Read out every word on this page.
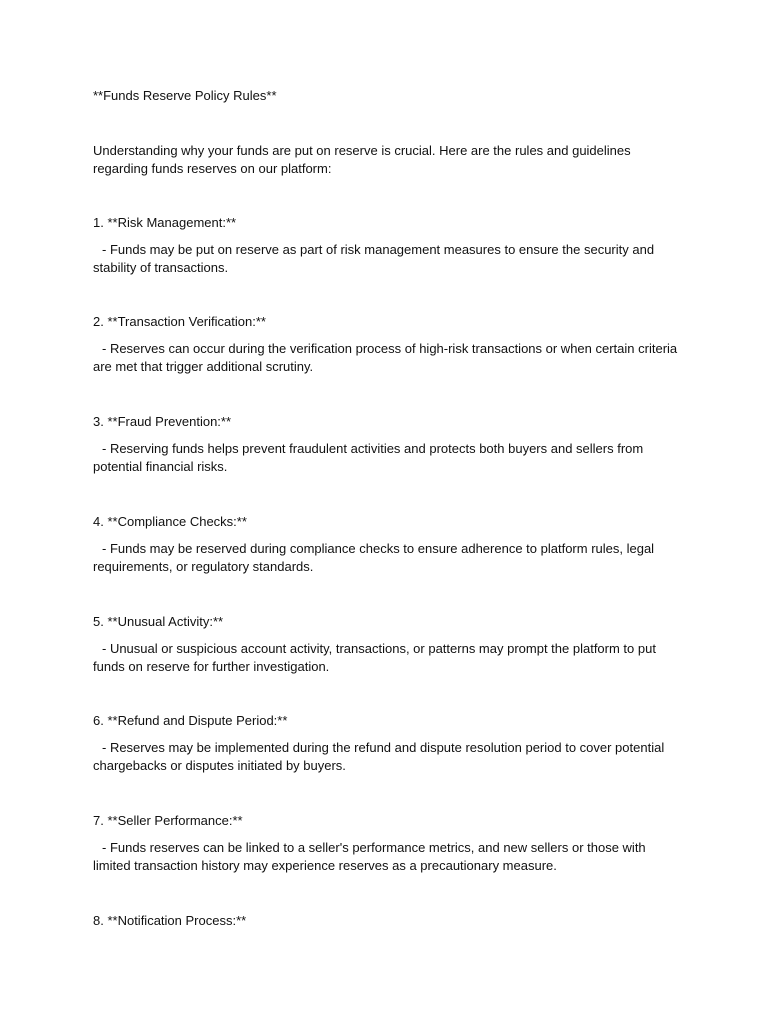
**Funds Reserve Policy Rules**
Understanding why your funds are put on reserve is crucial. Here are the rules and guidelines regarding funds reserves on our platform:
1. **Risk Management:**
- Funds may be put on reserve as part of risk management measures to ensure the security and stability of transactions.
2. **Transaction Verification:**
- Reserves can occur during the verification process of high-risk transactions or when certain criteria are met that trigger additional scrutiny.
3. **Fraud Prevention:**
- Reserving funds helps prevent fraudulent activities and protects both buyers and sellers from potential financial risks.
4. **Compliance Checks:**
- Funds may be reserved during compliance checks to ensure adherence to platform rules, legal requirements, or regulatory standards.
5. **Unusual Activity:**
- Unusual or suspicious account activity, transactions, or patterns may prompt the platform to put funds on reserve for further investigation.
6. **Refund and Dispute Period:**
- Reserves may be implemented during the refund and dispute resolution period to cover potential chargebacks or disputes initiated by buyers.
7. **Seller Performance:**
- Funds reserves can be linked to a seller's performance metrics, and new sellers or those with limited transaction history may experience reserves as a precautionary measure.
8. **Notification Process:**
